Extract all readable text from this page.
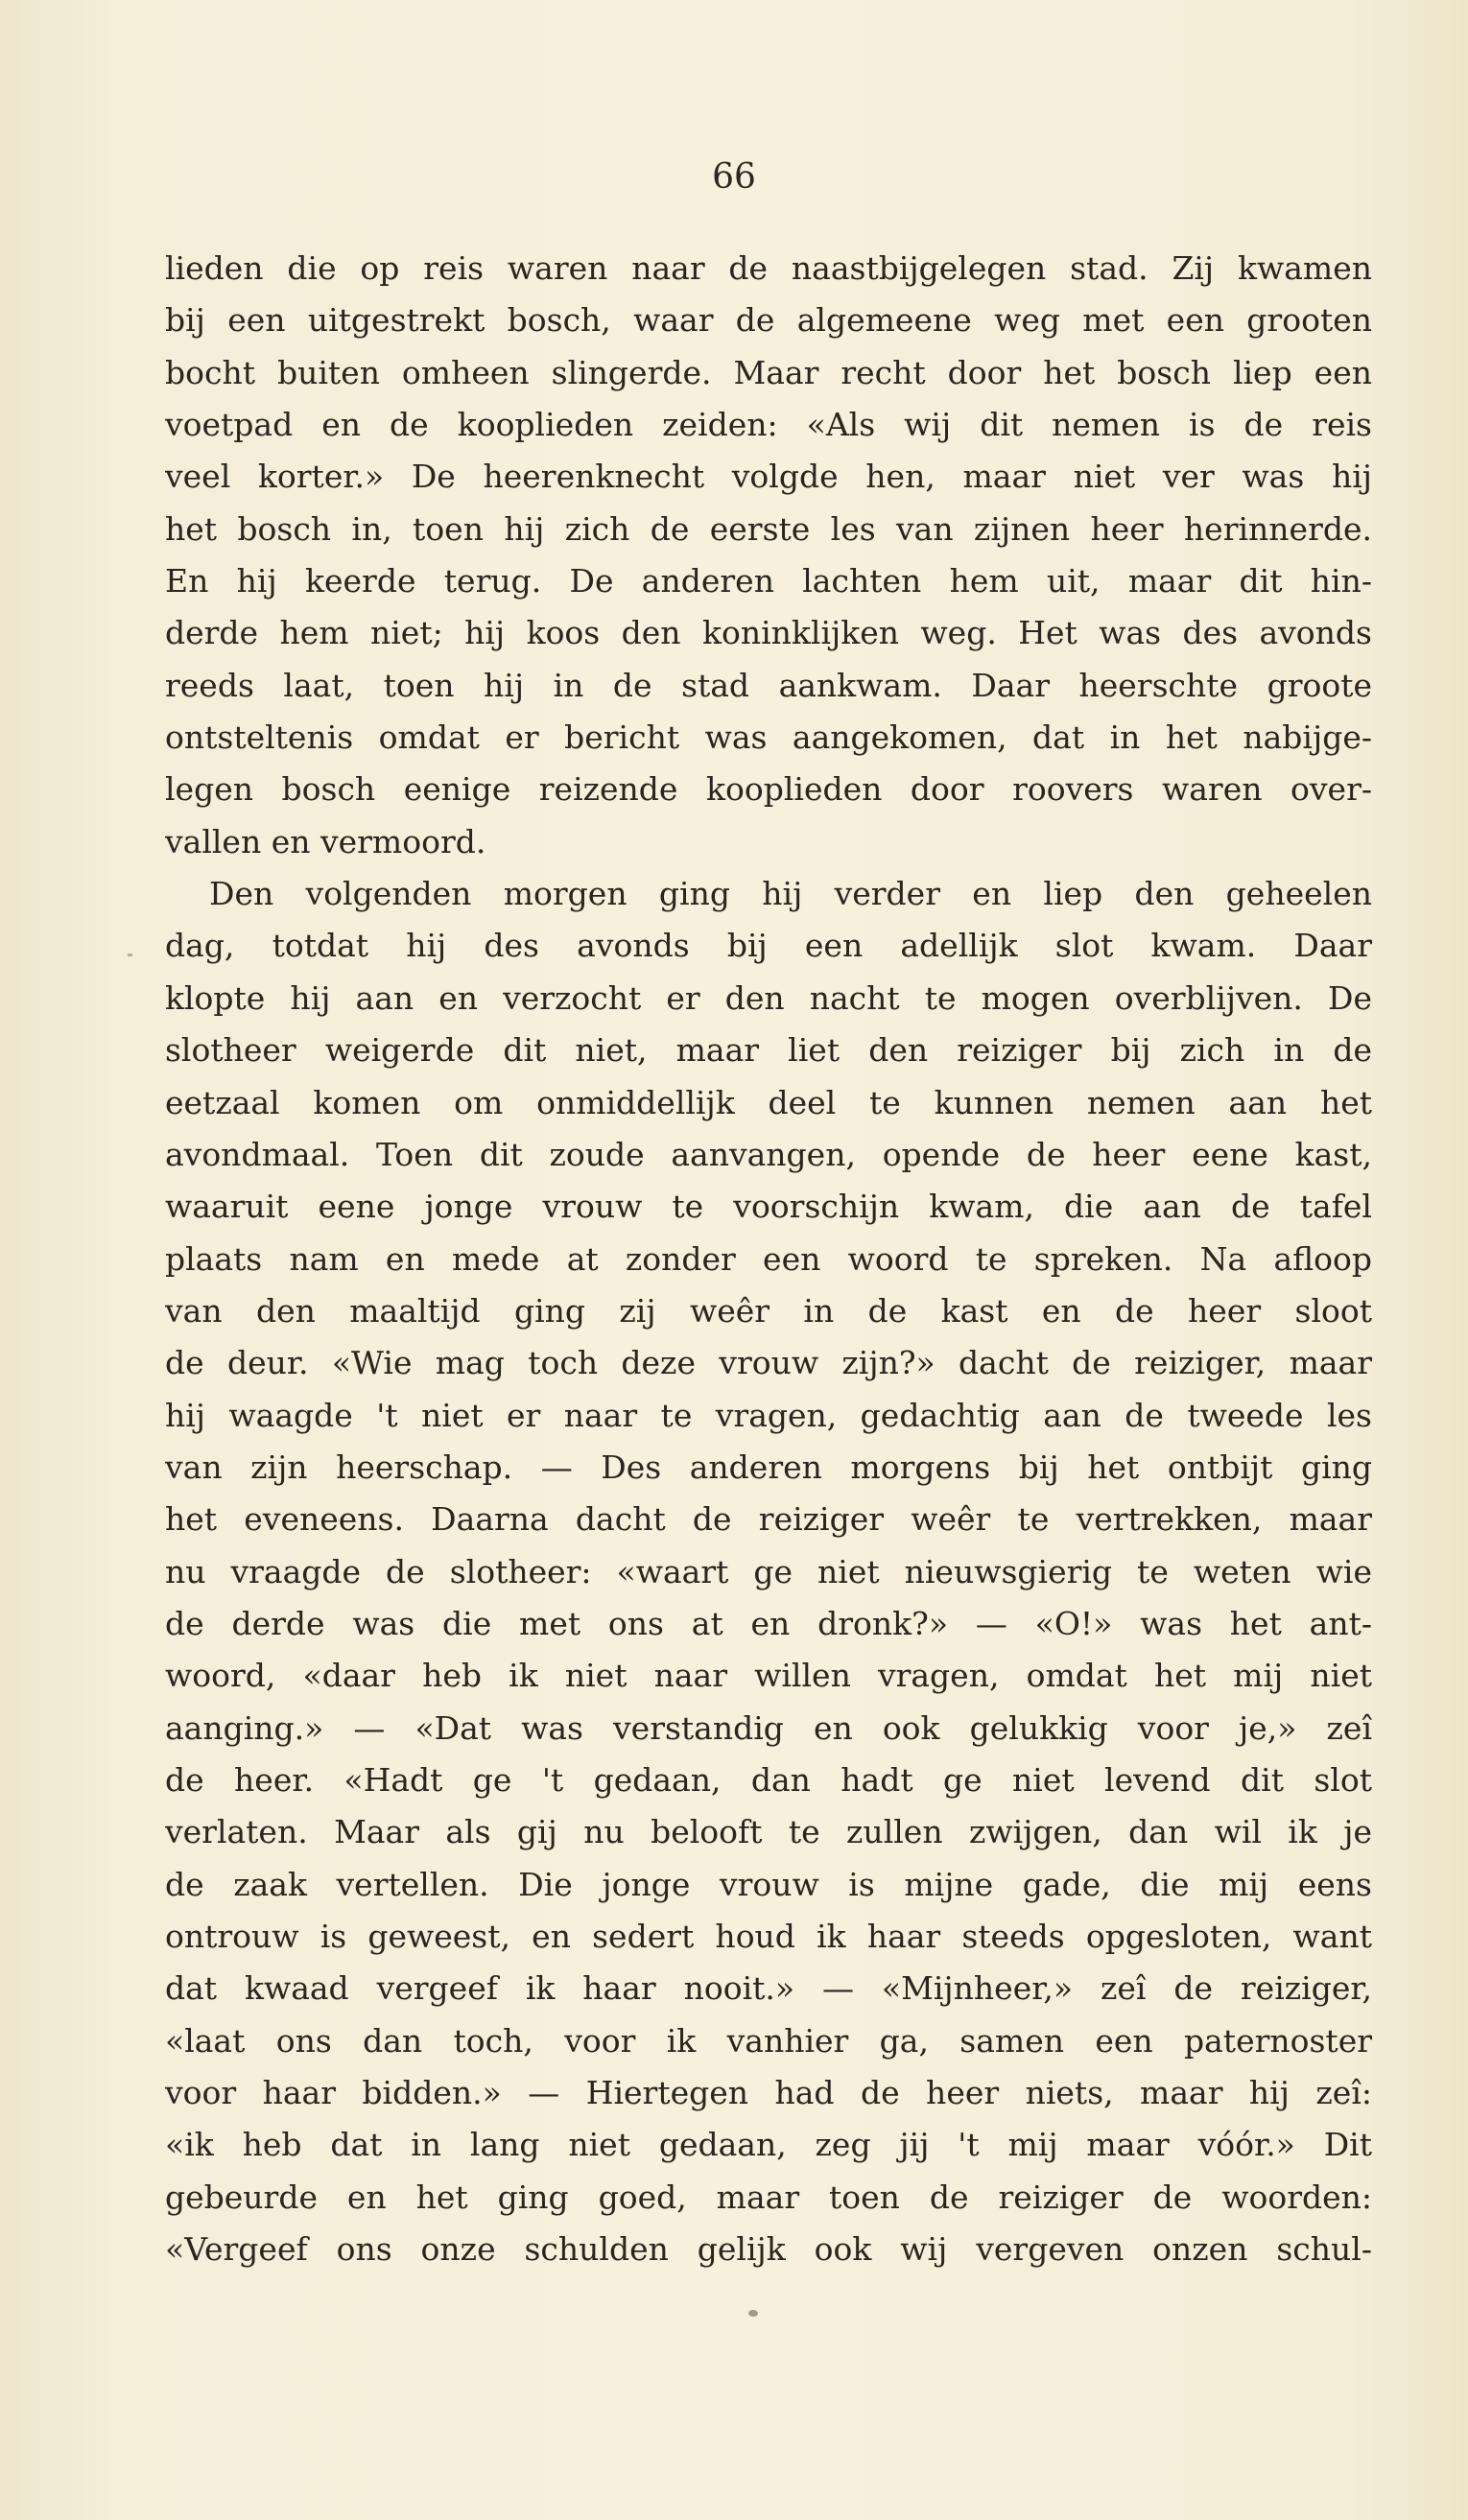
66
lieden die op reis waren naar de naastbijgelegen stad. Zij kwamen
bij een uitgestrekt bosch, waar de algemeene weg met een grooten
bocht buiten omheen slingerde. Maar recht door het bosch liep een
voetpad en de kooplieden zeiden: «Als wij dit nemen is de reis
veel korter.» De heerenknecht volgde hen, maar niet ver was hij
het bosch in, toen hij zich de eerste les van zijnen heer herinnerde.
En hij keerde terug. De anderen lachten hem uit, maar dit hin-
derde hem niet; hij koos den koninklijken weg. Het was des avonds
reeds laat, toen hij in de stad aankwam. Daar heerschte groote
ontsteltenis omdat er bericht was aangekomen, dat in het nabijge-
legen bosch eenige reizende kooplieden door roovers waren over-
vallen en vermoord.
Den volgenden morgen ging hij verder en liep den geheelen
dag, totdat hij des avonds bij een adellijk slot kwam. Daar
klopte hij aan en verzocht er den nacht te mogen overblijven. De
slotheer weigerde dit niet, maar liet den reiziger bij zich in de
eetzaal komen om onmiddellijk deel te kunnen nemen aan het
avondmaal. Toen dit zoude aanvangen, opende de heer eene kast,
waaruit eene jonge vrouw te voorschijn kwam, die aan de tafel
plaats nam en mede at zonder een woord te spreken. Na afloop
van den maaltijd ging zij weêr in de kast en de heer sloot
de deur. «Wie mag toch deze vrouw zijn?» dacht de reiziger, maar
hij waagde 't niet er naar te vragen, gedachtig aan de tweede les
van zijn heerschap. — Des anderen morgens bij het ontbijt ging
het eveneens. Daarna dacht de reiziger weêr te vertrekken, maar
nu vraagde de slotheer: «waart ge niet nieuwsgierig te weten wie
de derde was die met ons at en dronk?» — «O!» was het ant-
woord, «daar heb ik niet naar willen vragen, omdat het mij niet
aanging.» — «Dat was verstandig en ook gelukkig voor je,» zeî
de heer. «Hadt ge 't gedaan, dan hadt ge niet levend dit slot
verlaten. Maar als gij nu belooft te zullen zwijgen, dan wil ik je
de zaak vertellen. Die jonge vrouw is mijne gade, die mij eens
ontrouw is geweest, en sedert houd ik haar steeds opgesloten, want
dat kwaad vergeef ik haar nooit.» — «Mijnheer,» zeî de reiziger,
«laat ons dan toch, voor ik vanhier ga, samen een paternoster
voor haar bidden.» — Hiertegen had de heer niets, maar hij zeî:
«ik heb dat in lang niet gedaan, zeg jij 't mij maar vóór.» Dit
gebeurde en het ging goed, maar toen de reiziger de woorden:
«Vergeef ons onze schulden gelijk ook wij vergeven onzen schul-
